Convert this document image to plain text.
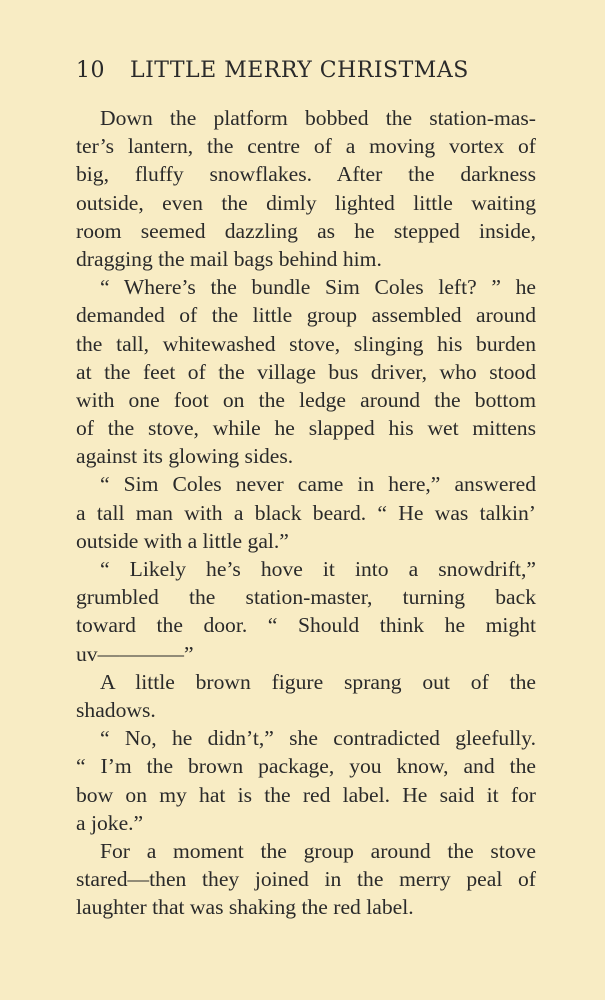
10 LITTLE MERRY CHRISTMAS
Down the platform bobbed the station-mas-
ter’s lantern, the centre of a moving vortex of
big, fluffy snowflakes. After the darkness
outside, even the dimly lighted little waiting
room seemed dazzling as he stepped inside,
dragging the mail bags behind him.
“ Where’s the bundle Sim Coles left? ” he
demanded of the little group assembled around
the tall, whitewashed stove, slinging his burden
at the feet of the village bus driver, who stood
with one foot on the ledge around the bottom
of the stove, while he slapped his wet mittens
against its glowing sides.
“ Sim Coles never came in here,” answered
a tall man with a black beard. “ He was talkin’
outside with a little gal.”
“ Likely he’s hove it into a snowdrift,”
grumbled the station-master, turning back
toward the door. “ Should think he might
uv————”
A little brown figure sprang out of the
shadows.
“ No, he didn’t,” she contradicted gleefully.
“ I’m the brown package, you know, and the
bow on my hat is the red label. He said it for
a joke.”
For a moment the group around the stove
stared—then they joined in the merry peal of
laughter that was shaking the red label.
